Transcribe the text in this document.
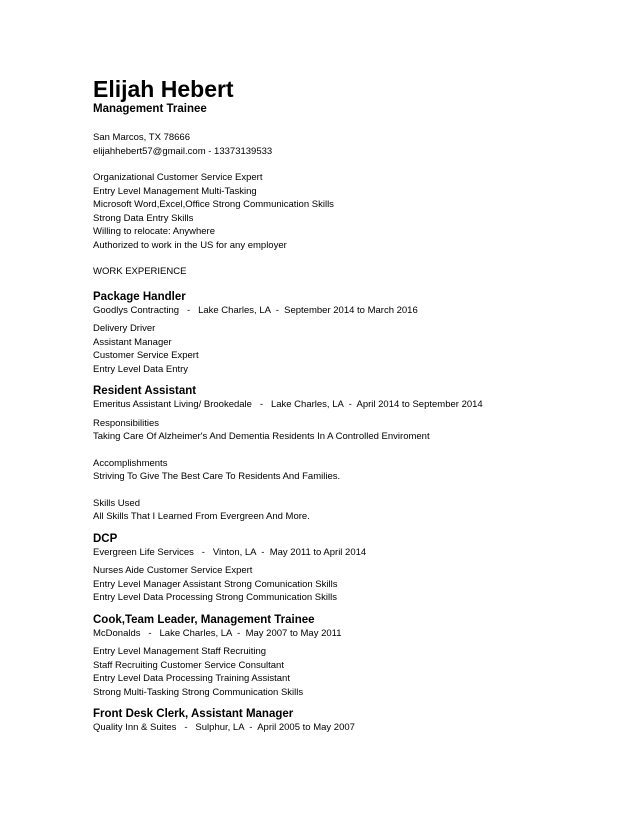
Elijah Hebert
Management Trainee
San Marcos, TX 78666
elijahhebert57@gmail.com - 13373139533
Organizational Customer Service Expert
Entry Level Management Multi-Tasking
Microsoft Word,Excel,Office Strong Communication Skills
Strong Data Entry Skills
Willing to relocate: Anywhere
Authorized to work in the US for any employer
WORK EXPERIENCE
Package Handler
Goodlys Contracting   -   Lake Charles, LA  -  September 2014 to March 2016
Delivery Driver
Assistant Manager
Customer Service Expert
Entry Level Data Entry
Resident Assistant
Emeritus Assistant Living/ Brookedale   -   Lake Charles, LA  -  April 2014 to September 2014
Responsibilities
Taking Care Of Alzheimer's And Dementia Residents In A Controlled Enviroment
Accomplishments
Striving To Give The Best Care To Residents And Families.
Skills Used
All Skills That I Learned From Evergreen And More.
DCP
Evergreen Life Services   -   Vinton, LA  -  May 2011 to April 2014
Nurses Aide Customer Service Expert
Entry Level Manager Assistant Strong Comunication Skills
Entry Level Data Processing Strong Communication Skills
Cook,Team Leader, Management Trainee
McDonalds   -   Lake Charles, LA  -  May 2007 to May 2011
Entry Level Management Staff Recruiting
Staff Recruiting Customer Service Consultant
Entry Level Data Processing Training Assistant
Strong Multi-Tasking Strong Communication Skills
Front Desk Clerk, Assistant Manager
Quality Inn & Suites   -   Sulphur, LA  -  April 2005 to May 2007
